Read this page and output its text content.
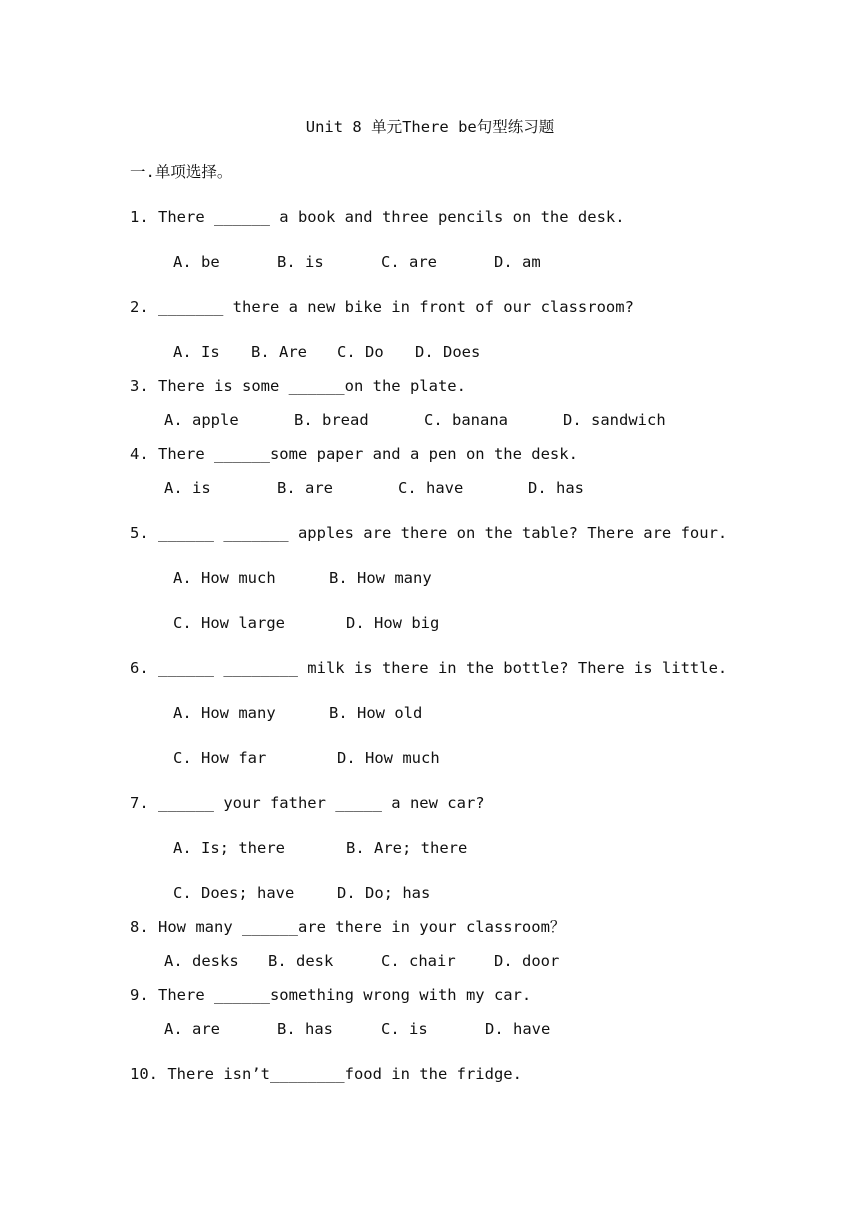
Unit 8 单元There be句型练习题
一.单项选择。
1. There ______ a book and three pencils on the desk.
A. be	B. is	C. are	D. am
2. _______ there a new bike in front of our classroom?
A. Is B. Are C. Do D. Does
3. There is some ______on the plate.
A. apple	B. bread	C. banana	D. sandwich
4. There ______some paper and a pen on the desk.
A. is	B. are	C. have	D. has
5. ______ _______ apples are there on the table? There are four.
A. How much	B. How many
C. How large	D. How big
6. ______ ________ milk is there in the bottle? There is little.
A. How many	B. How old
C. How far	D. How much
7. ______ your father _____ a new car?
A. Is; there	B. Are; there
C. Does; have	D. Do; has
8. How many ______are there in your classroom？
A. desks B. desk	C. chair D. door
9. There ______something wrong with my car.
A. are	B. has	C. is	D. have
10. There isn’t________food in the fridge.
